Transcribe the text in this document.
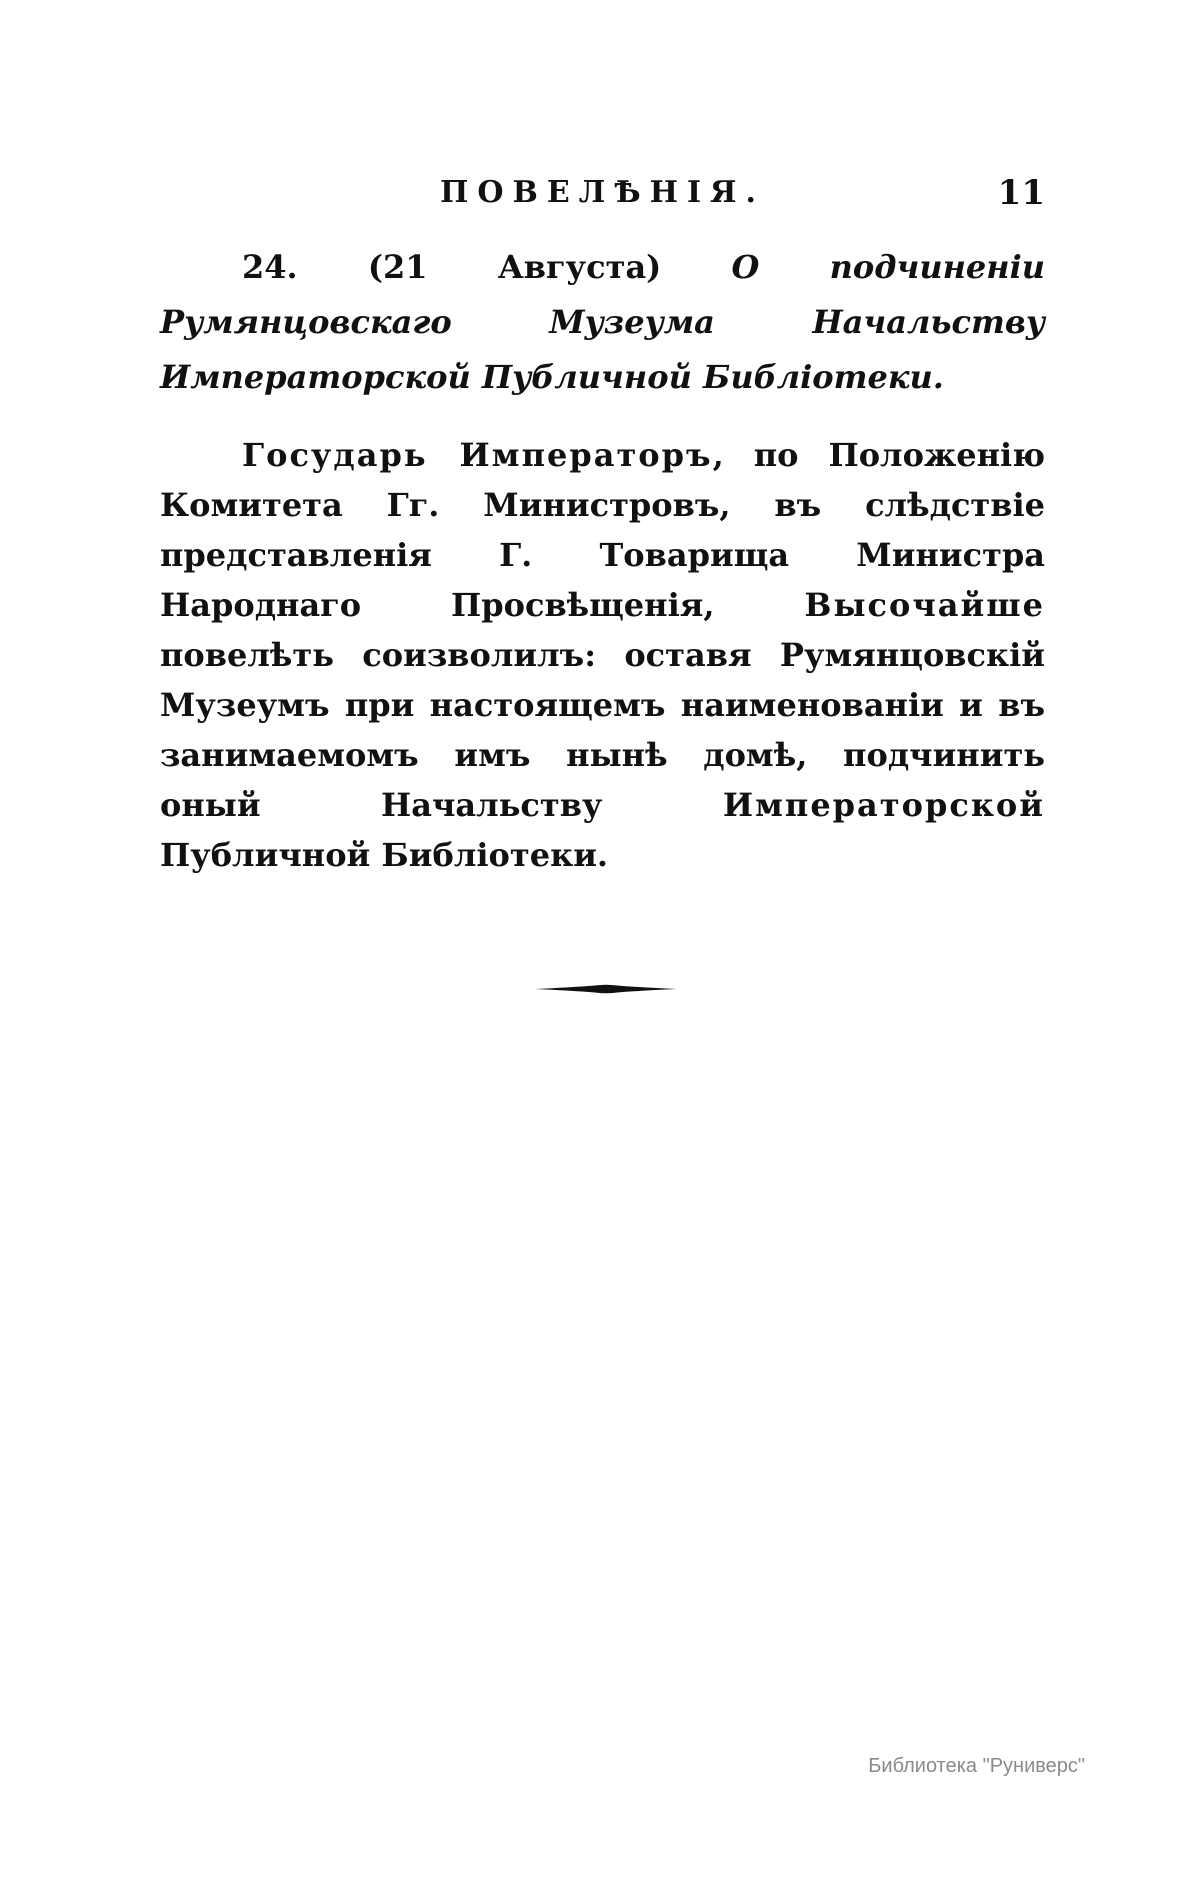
ПОВЕЛѢНІЯ.	11
24. (21 Августа) О подчиненіи Румянцовскаго Музеума Начальству Императорской Публичной Библіотеки.

Государь Императоръ, по Положенію Комитета Гг. Министровъ, въ слѣдствіе представленія Г. Товарища Министра Народнаго Просвѣщенія, Высочайше повелѣть соизволилъ: оставя Румянцовскій Музеумъ при настоящемъ наименованіи и въ занимаемомъ имъ нынѣ домѣ, подчинить оный Начальству Императорской Публичной Библіотеки.

Библиотека "Руниверс"
